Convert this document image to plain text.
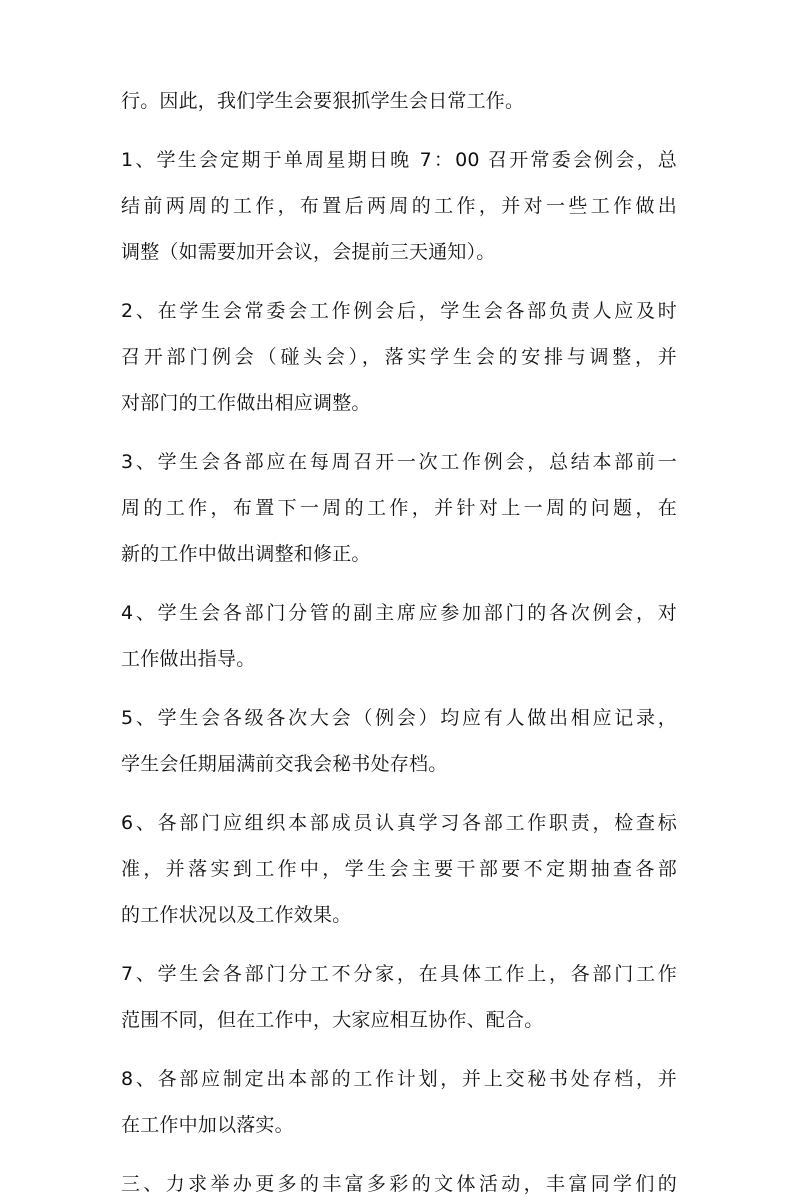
行。因此，我们学生会要狠抓学生会日常工作。
1、学生会定期于单周星期日晚 7：00 召开常委会例会，总
结前两周的工作，布置后两周的工作，并对一些工作做出
调整（如需要加开会议，会提前三天通知）。
2、在学生会常委会工作例会后，学生会各部负责人应及时
召开部门例会（碰头会），落实学生会的安排与调整，并
对部门的工作做出相应调整。
3、学生会各部应在每周召开一次工作例会，总结本部前一
周的工作，布置下一周的工作，并针对上一周的问题，在
新的工作中做出调整和修正。
4、学生会各部门分管的副主席应参加部门的各次例会，对
工作做出指导。
5、学生会各级各次大会（例会）均应有人做出相应记录，
学生会任期届满前交我会秘书处存档。
6、各部门应组织本部成员认真学习各部工作职责，检查标
准，并落实到工作中，学生会主要干部要不定期抽查各部
的工作状况以及工作效果。
7、学生会各部门分工不分家，在具体工作上，各部门工作
范围不同，但在工作中，大家应相互协作、配合。
8、各部应制定出本部的工作计划，并上交秘书处存档，并
在工作中加以落实。
三、力求举办更多的丰富多彩的文体活动，丰富同学们的
